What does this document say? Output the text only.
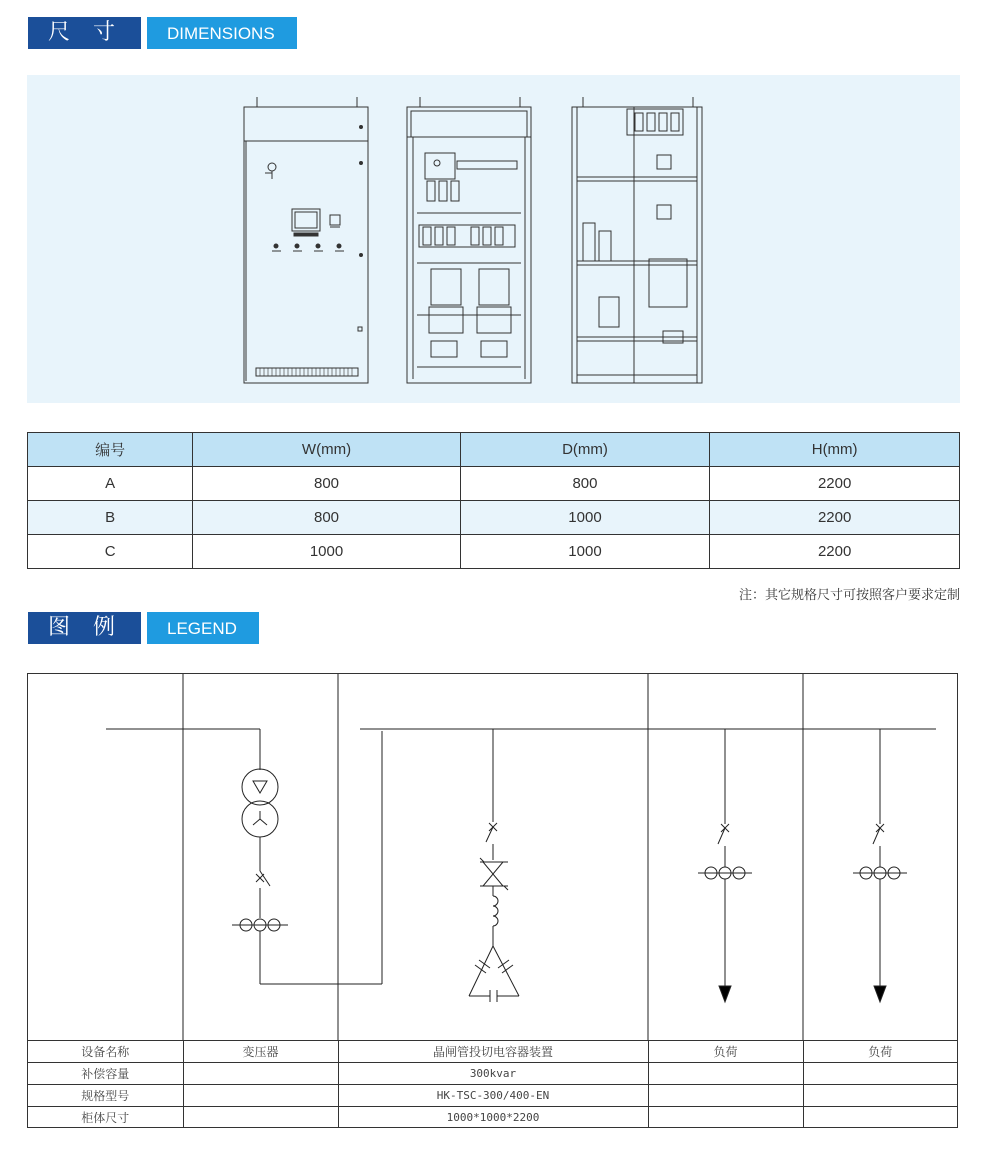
尺 寸	DIMENSIONS
编号	W(mm)	D(mm)	H(mm)
A	800	800	2200
B	800	1000	2200
C	1000	1000	2200
注：其它规格尺寸可按照客户要求定制
图 例	LEGEND
设备名称	变压器	晶闸管投切电容器装置	负荷	负荷
补偿容量		300kvar		
规格型号		HK-TSC-300/400-EN		
柜体尺寸		1000*1000*2200		
